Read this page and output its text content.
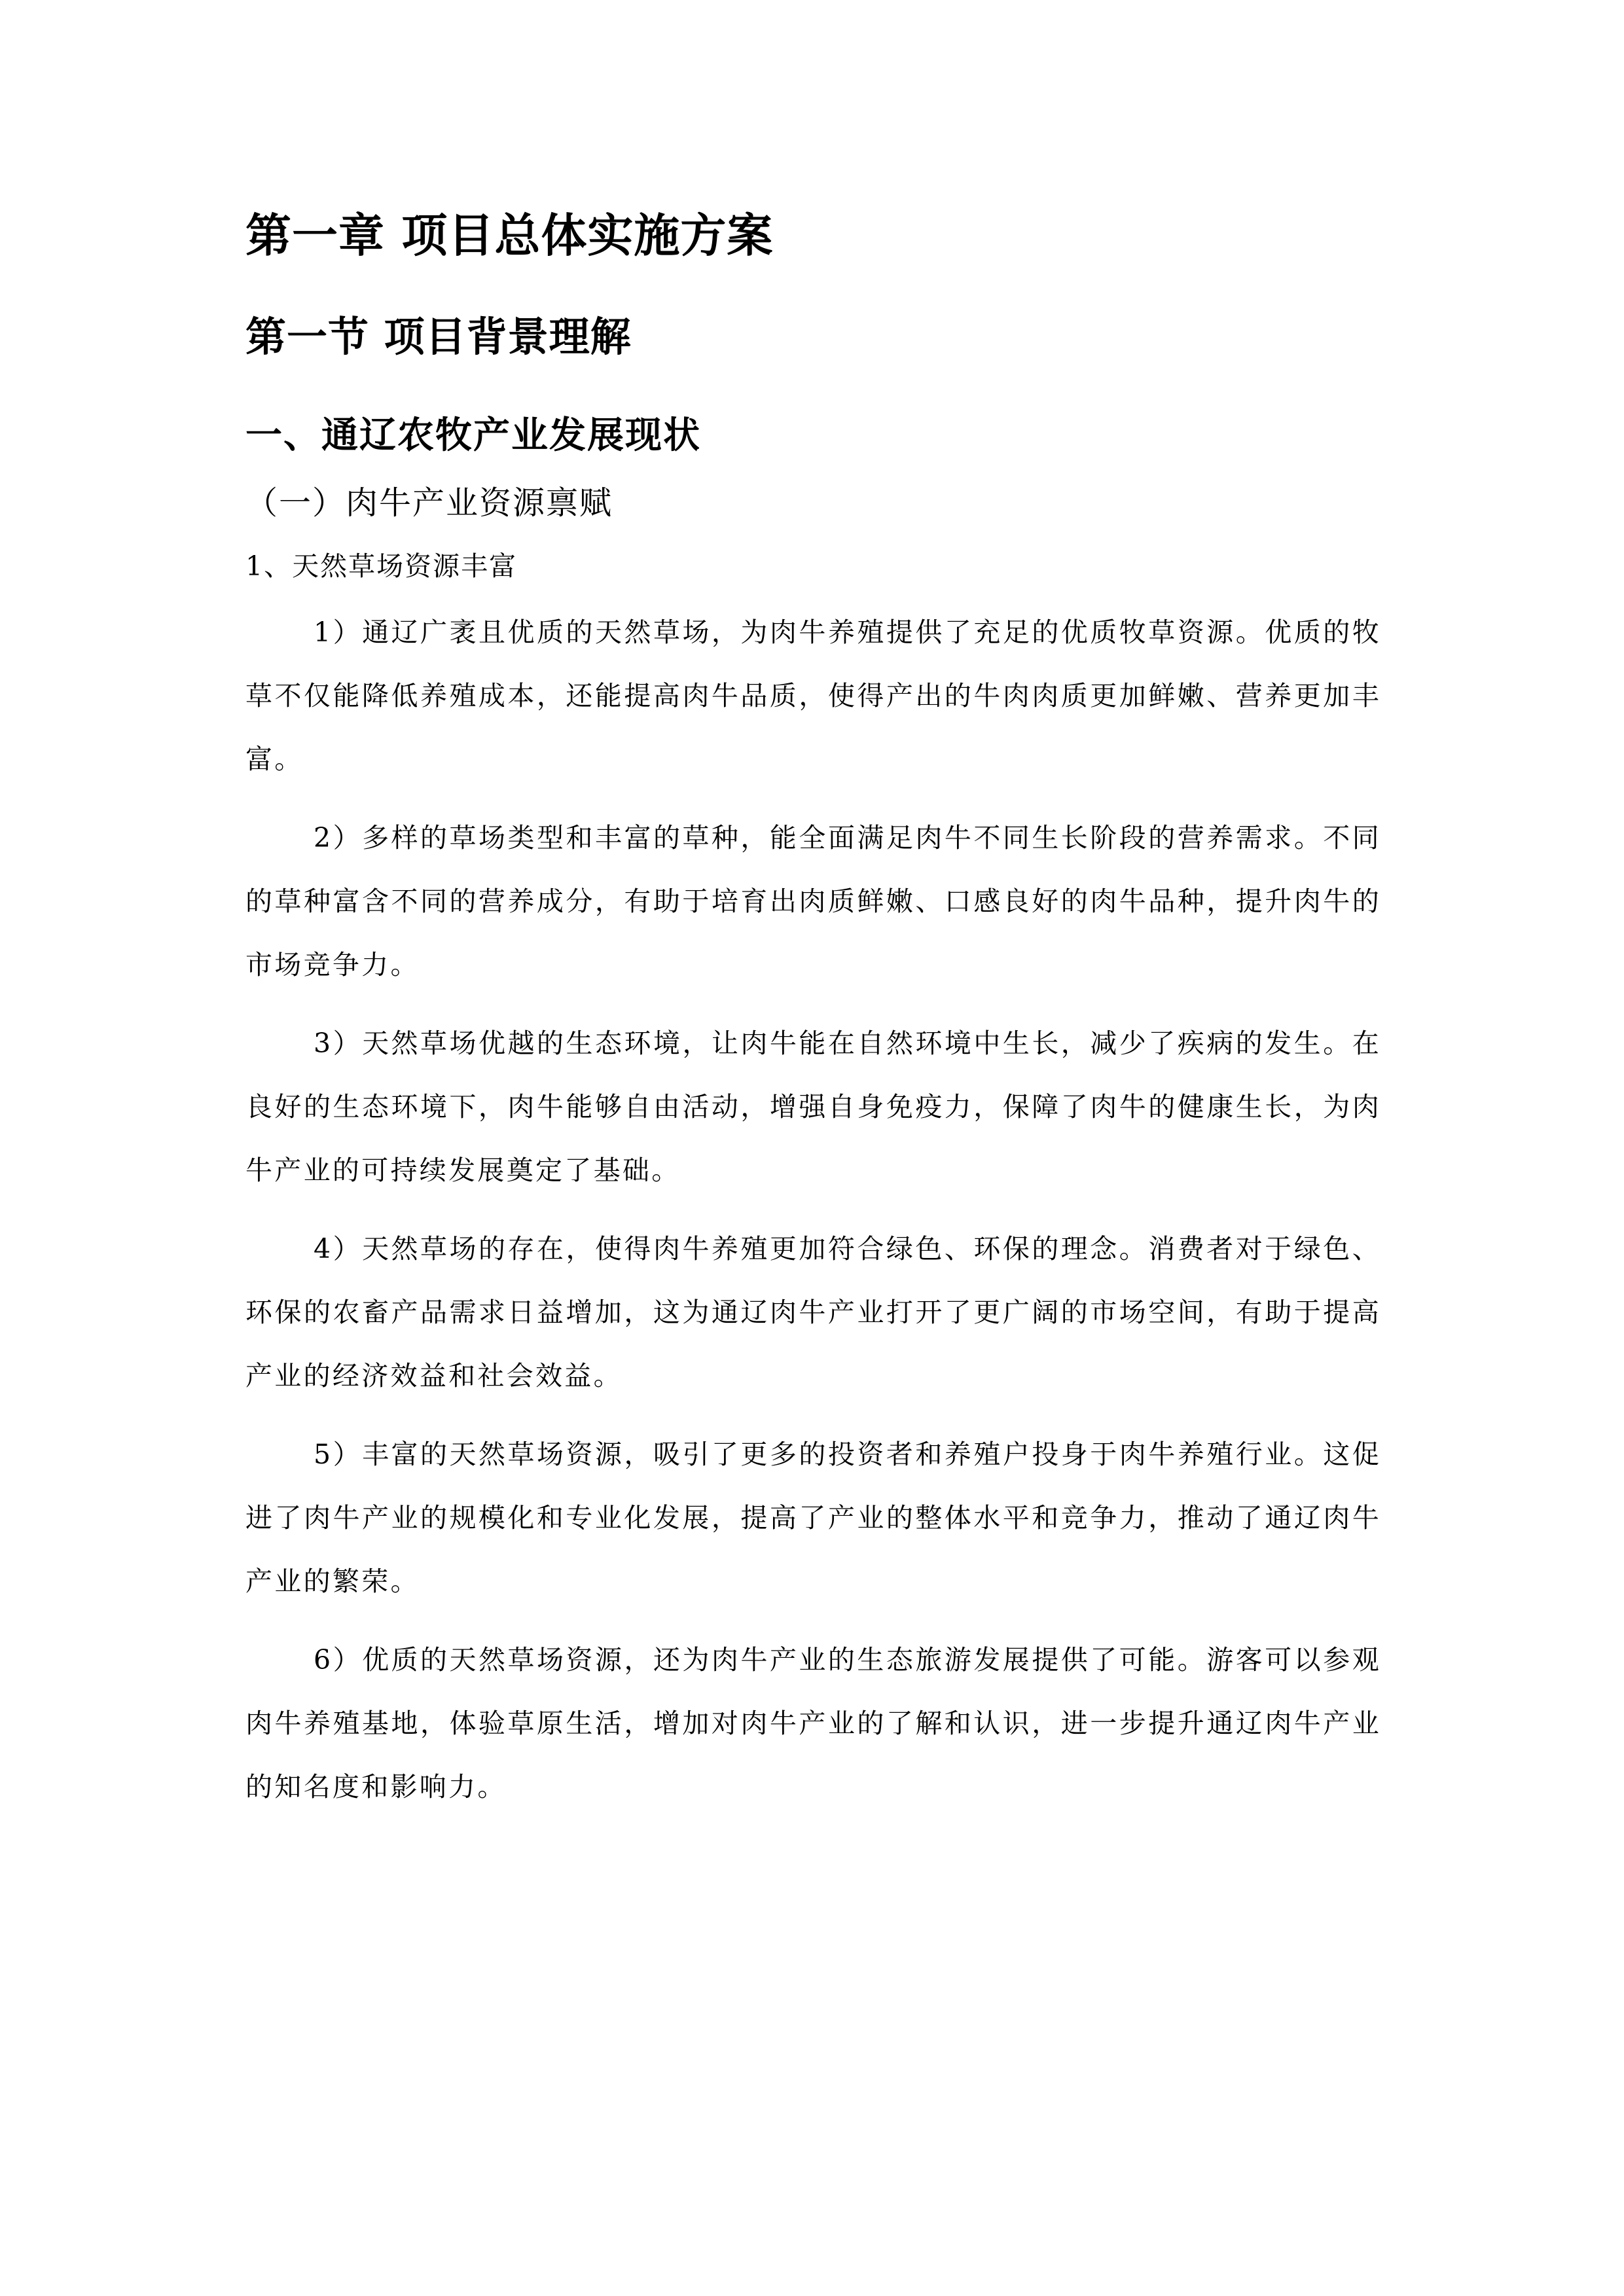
第一章 项目总体实施方案
第一节 项目背景理解
一、通辽农牧产业发展现状
（一）肉牛产业资源禀赋
1、天然草场资源丰富

1）通辽广袤且优质的天然草场，为肉牛养殖提供了充足的优质牧草资源。优质的牧草不仅能降低养殖成本，还能提高肉牛品质，使得产出的牛肉肉质更加鲜嫩、营养更加丰富。

2）多样的草场类型和丰富的草种，能全面满足肉牛不同生长阶段的营养需求。不同的草种富含不同的营养成分，有助于培育出肉质鲜嫩、口感良好的肉牛品种，提升肉牛的市场竞争力。

3）天然草场优越的生态环境，让肉牛能在自然环境中生长，减少了疾病的发生。在良好的生态环境下，肉牛能够自由活动，增强自身免疫力，保障了肉牛的健康生长，为肉牛产业的可持续发展奠定了基础。

4）天然草场的存在，使得肉牛养殖更加符合绿色、环保的理念。消费者对于绿色、环保的农畜产品需求日益增加，这为通辽肉牛产业打开了更广阔的市场空间，有助于提高产业的经济效益和社会效益。

5）丰富的天然草场资源，吸引了更多的投资者和养殖户投身于肉牛养殖行业。这促进了肉牛产业的规模化和专业化发展，提高了产业的整体水平和竞争力，推动了通辽肉牛产业的繁荣。

6）优质的天然草场资源，还为肉牛产业的生态旅游发展提供了可能。游客可以参观肉牛养殖基地，体验草原生活，增加对肉牛产业的了解和认识，进一步提升通辽肉牛产业的知名度和影响力。
